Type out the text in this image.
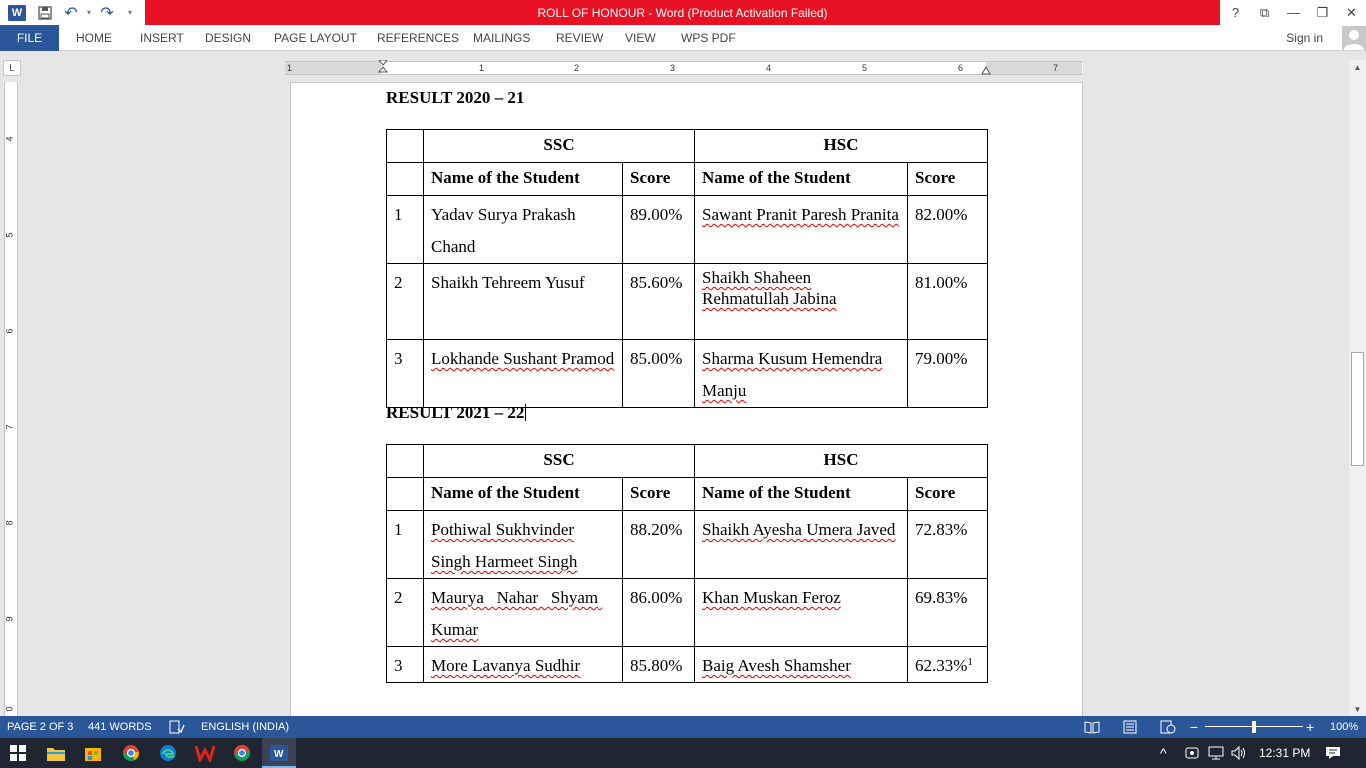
W	↶	▾ ↷	▾	ROLL OF HONOUR - Word (Product Activation Failed)	?	⧉	—	❐	✕
FILE	HOME INSERT DESIGN PAGE LAYOUT REFERENCES MAILINGS REVIEW VIEW WPS PDF	Sign in
L	1	1	2	3	4	5	6	7
4
5
6
7
8
9
0
RESULT 2020 – 21
	SSC		HSC	
	Name of the Student	Score	Name of the Student	Score
1	Yadav Surya Prakash Chand	89.00%	Sawant Pranit Paresh Pranita	82.00%
2	Shaikh Tehreem Yusuf	85.60%	Shaikh Shaheen Rehmatullah Jabina	81.00%
3	Lokhande Sushant Pramod	85.00%	Sharma Kusum Hemendra Manju	79.00%
RESULT 2021 – 22
	SSC		HSC	
	Name of the Student	Score	Name of the Student	Score
1	Pothiwal Sukhvinder Singh Harmeet Singh	88.20%	Shaikh Ayesha Umera Javed	72.83%
2	Maurya   Nahar   Shyam Kumar	86.00%	Khan Muskan Feroz	69.83%
3	More Lavanya Sudhir	85.80%	Baig Avesh Shamsher	62.33%$^1$
▲
▼
PAGE 2 OF 3 441 WORDS	ENGLISH (INDIA)	−	+ 100%
W	^	12:31 PM
